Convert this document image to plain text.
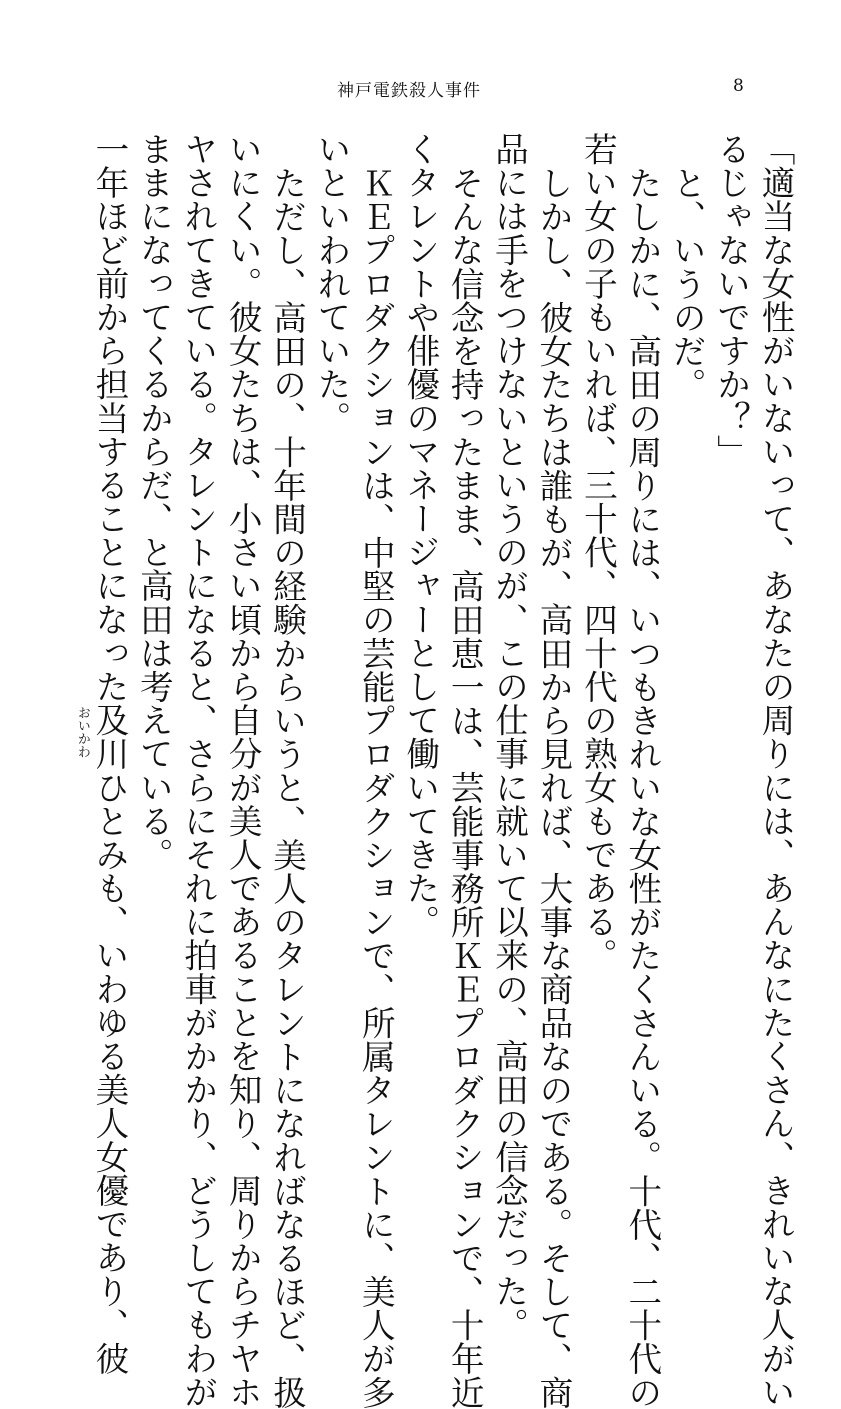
神戸電鉄殺人事件	8
「適当な女性がいないって、あなたの周りには、あんなにたくさん、きれいな人がい
るじゃないですか？」
と、いうのだ。
たしかに、高田の周りには、いつもきれいな女性がたくさんいる。十代、二十代の
若い女の子もいれば、三十代、四十代の熟女もである。
しかし、彼女たちは誰もが、高田から見れば、大事な商品なのである。そして、商
品には手をつけないというのが、この仕事に就いて以来の、高田の信念だった。
そんな信念を持ったまま、高田恵一は、芸能事務所ＫＥプロダクションで、十年近
くタレントや俳優のマネージャーとして働いてきた。
ＫＥプロダクションは、中堅の芸能プロダクションで、所属タレントに、美人が多
いといわれていた。
ただし、高田の、十年間の経験からいうと、美人のタレントになればなるほど、扱
いにくい。彼女たちは、小さい頃から自分が美人であることを知り、周りからチヤホ
ヤされてきている。タレントになると、さらにそれに拍車がかかり、どうしてもわが
ままになってくるからだ、と高田は考えている。
一年ほど前から担当することになった及川
おいかわ
ひとみも、いわゆる美人女優であり、彼
